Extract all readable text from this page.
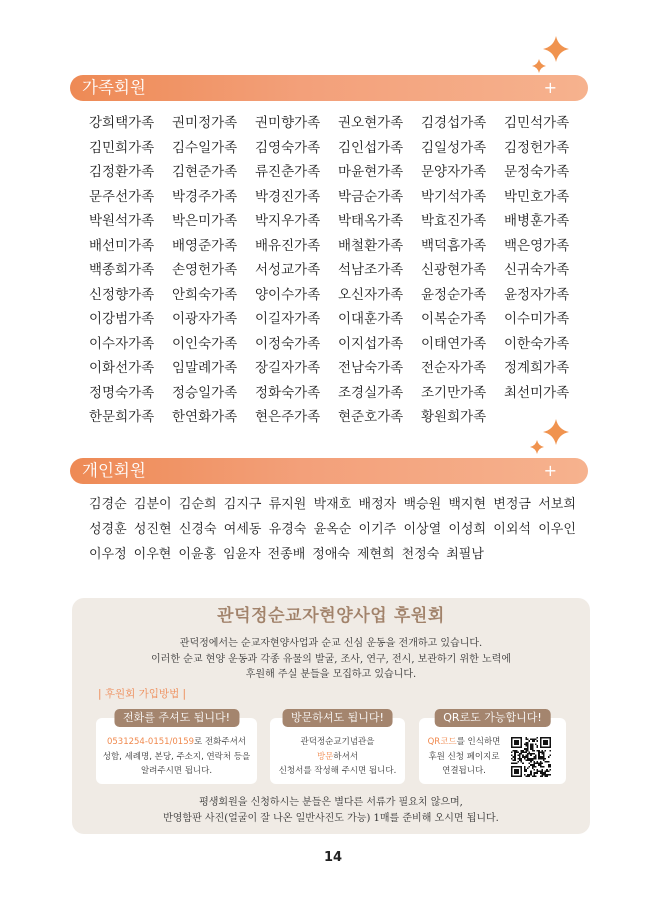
가족회원	+
강희택가족	권미정가족	권미향가족	권오현가족	김경섭가족	김민석가족
김민희가족	김수일가족	김영숙가족	김인섭가족	김일성가족	김정헌가족
김정환가족	김현준가족	류진춘가족	마윤현가족	문양자가족	문정숙가족
문주선가족	박경주가족	박경진가족	박금순가족	박기석가족	박민호가족
박원석가족	박은미가족	박지우가족	박태옥가족	박효진가족	배병훈가족
배선미가족	배영준가족	배유진가족	배철환가족	백덕흠가족	백은영가족
백종희가족	손영헌가족	서성교가족	석남조가족	신광현가족	신귀숙가족
신정향가족	안희숙가족	양이수가족	오신자가족	윤정순가족	윤정자가족
이강범가족	이광자가족	이길자가족	이대훈가족	이복순가족	이수미가족
이수자가족	이인숙가족	이정숙가족	이지섭가족	이태연가족	이한숙가족
이화선가족	임말례가족	장길자가족	전남숙가족	전순자가족	정계희가족
정명숙가족	정승일가족	정화숙가족	조경실가족	조기만가족	최선미가족
한문희가족	한연화가족	현은주가족	현준호가족	황원희가족
개인회원	+
김경순 김분이 김순희 김지구 류지원 박재호 배정자 백승원 백지현 변정금 서보희
성경훈 성진현 신경숙 여세동 유경숙 윤옥순 이기주 이상열 이성희 이외석 이우인
이우정 이우현 이윤홍 임윤자 전종배 정애숙 제현희 천정숙 최필남
관덕정순교자현양사업 후원회
관덕정에서는 순교자현양사업과 순교 신심 운동을 전개하고 있습니다.
이러한 순교 현양 운동과 각종 유물의 발굴, 조사, 연구, 전시, 보관하기 위한 노력에
후원해 주실 분들을 모집하고 있습니다.
| 후원회 가입방법 |
전화를 주셔도 됩니다!
0531254-0151/0159로 전화주셔서
성함, 세례명, 본당, 주소지, 연락처 등을
알려주시면 됩니다.
방문하셔도 됩니다!
관덕정순교기념관을
방문하셔서
신청서를 작성해 주시면 됩니다.
QR로도 가능합니다!
QR코드를 인식하면
후원 신청 페이지로
연결됩니다.
평생회원을 신청하시는 분들은 별다른 서류가 필요치 않으며,
반영함판 사진(얼굴이 잘 나온 일반사진도 가능) 1매를 준비해 오시면 됩니다.
14
